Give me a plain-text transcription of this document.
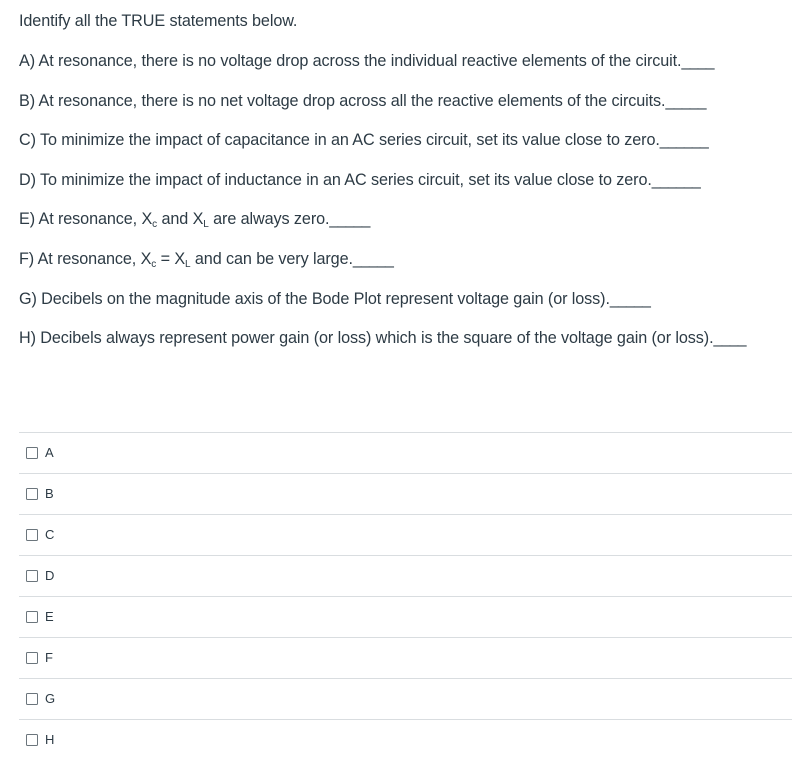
Identify all the TRUE statements below.
A) At resonance, there is no voltage drop across the individual reactive elements of the circuit.____
B) At resonance, there is no net voltage drop across all the reactive elements of the circuits._____
C) To minimize the impact of capacitance in an AC series circuit, set its value close to zero.______
D) To minimize the impact of inductance in an AC series circuit, set its value close to zero.______
E) At resonance, $X_c$ and $X_L$ are always zero._____
F) At resonance, $X_c = X_L$ and can be very large._____
G) Decibels on the magnitude axis of the Bode Plot represent voltage gain (or loss)._____
H) Decibels always represent power gain (or loss) which is the square of the voltage gain (or loss).____
A
B
C
D
E
F
G
H
